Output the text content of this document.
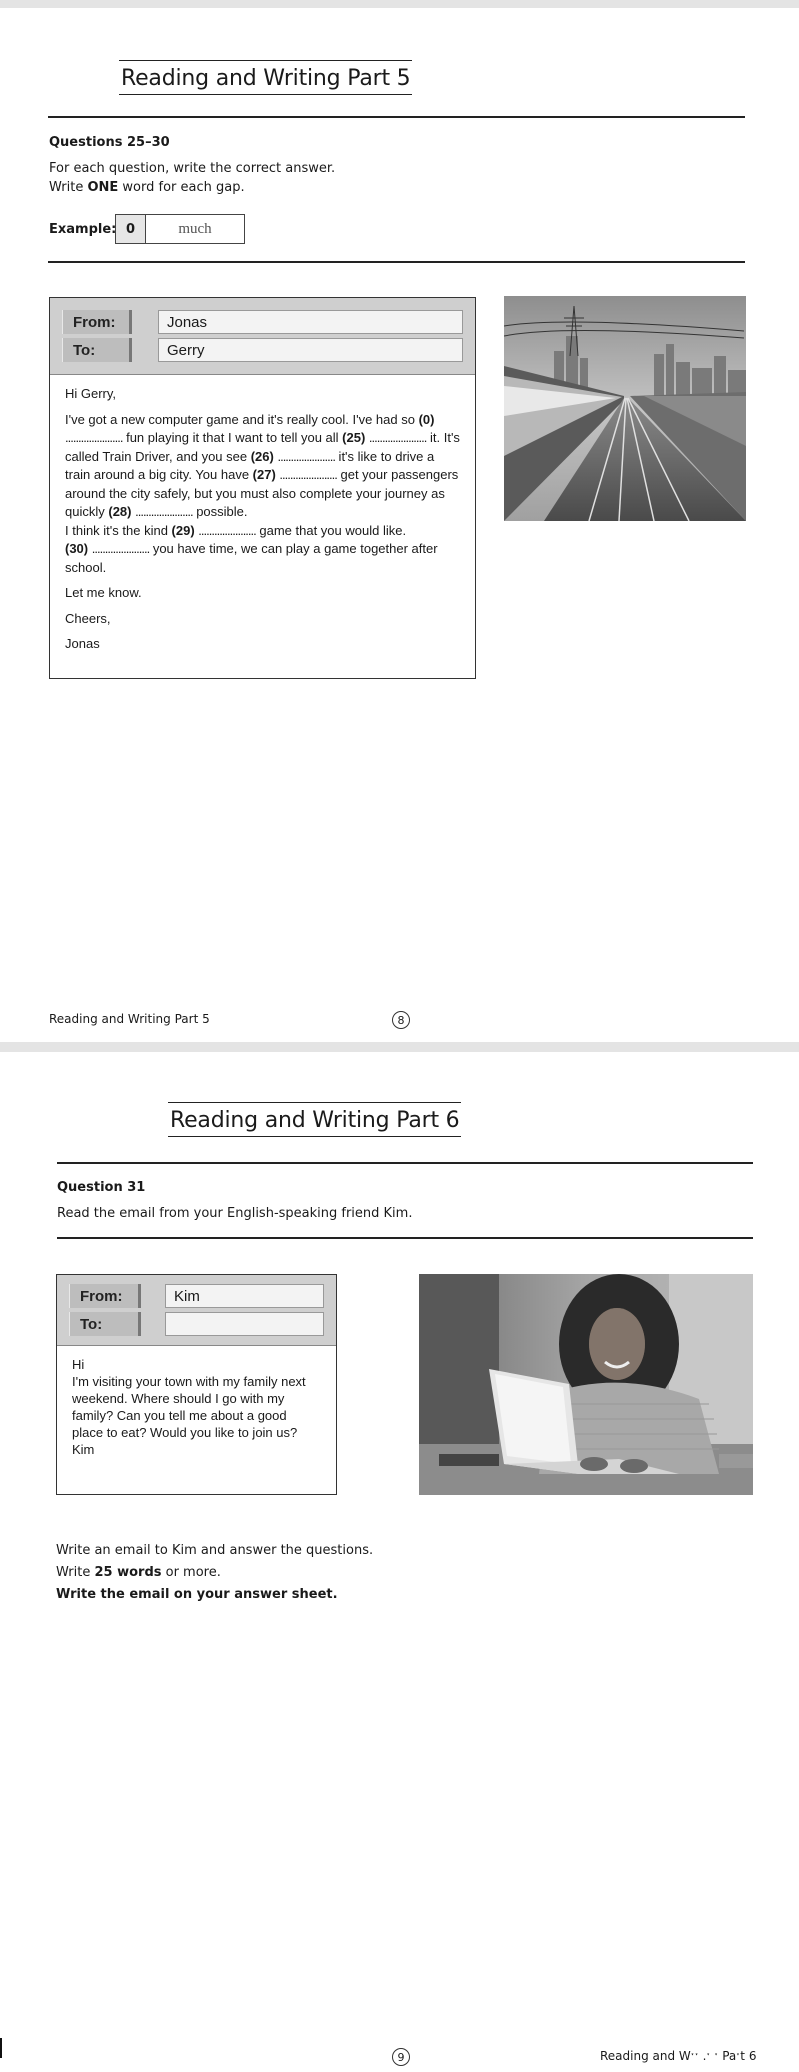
Reading and Writing Part 5
Questions 25–30
For each question, write the correct answer.
Write ONE word for each gap.
Example: 0	much
From:	Jonas
To:	Gerry

Hi Gerry,

I've got a new computer game and it's really cool. I've had so (0) ...................... fun playing it that I want to tell you all (25) ...................... it. It's called Train Driver, and you see (26) ...................... it's like to drive a train around a big city. You have (27) ...................... get your passengers around the city safely, but you must also complete your journey as quickly (28) ...................... possible.
I think it's the kind (29) ...................... game that you would like.
(30) ...................... you have time, we can play a game together after school.

Let me know.

Cheers,

Jonas

Reading and Writing Part 5	8
Reading and Writing Part 6
Question 31
Read the email from your English-speaking friend Kim.
From:	Kim
To:
Hi
I'm visiting your town with my family next weekend. Where should I go with my family? Can you tell me about a good place to eat? Would you like to join us?
Kim
Write an email to Kim and answer the questions.
Write 25 words or more.
Write the email on your answer sheet.
9	Reading and Wˑˑ .ˑ ˑ Paˑt 6
